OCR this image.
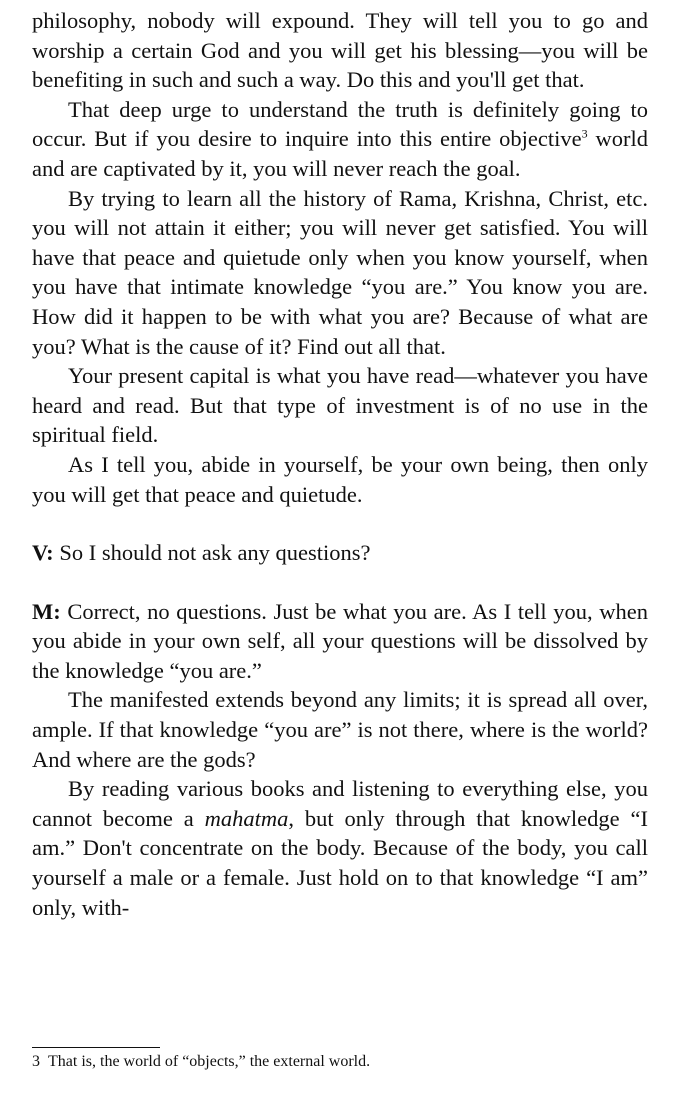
philosophy, nobody will expound. They will tell you to go and worship a certain God and you will get his blessing—you will be benefiting in such and such a way. Do this and you'll get that.

That deep urge to understand the truth is definitely going to occur. But if you desire to inquire into this entire objective$^3$ world and are captivated by it, you will never reach the goal.

By trying to learn all the history of Rama, Krishna, Christ, etc. you will not attain it either; you will never get satisfied. You will have that peace and quietude only when you know yourself, when you have that intimate knowledge “you are.” You know you are. How did it happen to be with what you are? Because of what are you? What is the cause of it? Find out all that.

Your present capital is what you have read—whatever you have heard and read. But that type of investment is of no use in the spiritual field.

As I tell you, abide in yourself, be your own being, then only you will get that peace and quietude.

V: So I should not ask any questions?

M: Correct, no questions. Just be what you are. As I tell you, when you abide in your own self, all your questions will be dissolved by the knowledge “you are.”

The manifested extends beyond any limits; it is spread all over, ample. If that knowledge “you are” is not there, where is the world? And where are the gods?

By reading various books and listening to everything else, you cannot become a mahatma, but only through that knowledge “I am.” Don't concentrate on the body. Because of the body, you call yourself a male or a female. Just hold on to that knowledge “I am” only, with-

3 That is, the world of “objects,” the external world.
